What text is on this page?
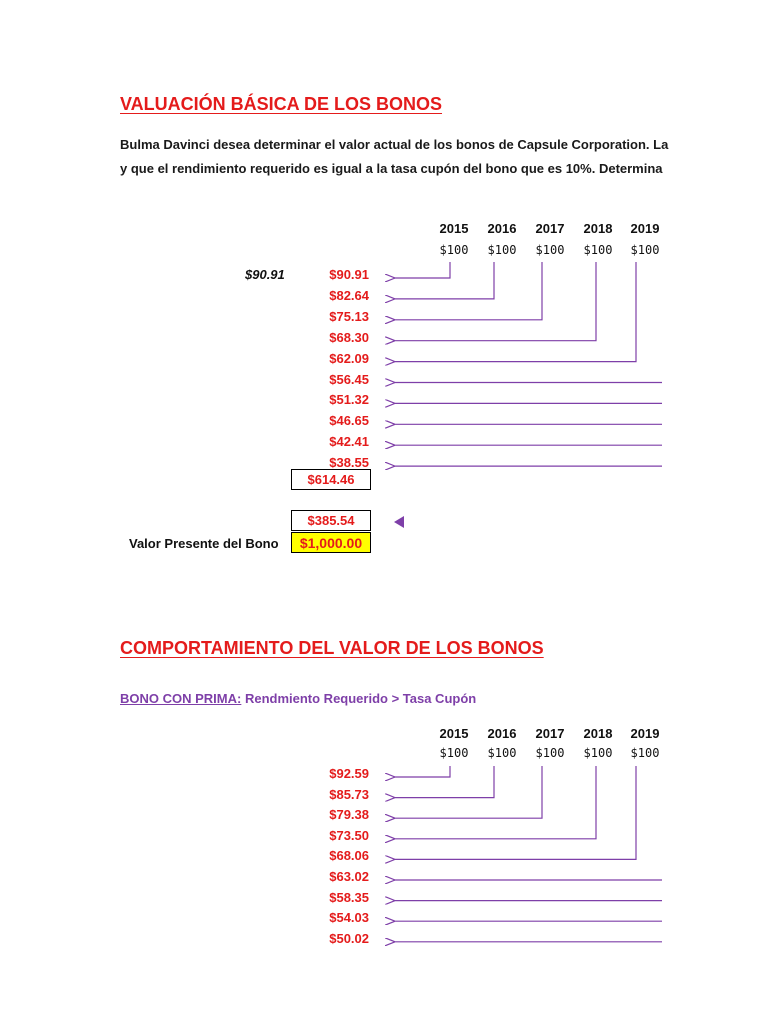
VALUACIÓN BÁSICA DE LOS BONOS
Bulma Davinci desea determinar el valor actual de los bonos de Capsule Corporation. La
y que el rendimiento requerido es igual a la tasa cupón del bono que es 10%. Determina
2015	2016	2017	2018	2019
$100	$100	$100	$100	$100
$90.91	$90.91
$82.64
$75.13
$68.30
$62.09
$56.45
$51.32
$46.65
$42.41
$38.55
$614.46
$385.54
Valor Presente del Bono $1,000.00
COMPORTAMIENTO DEL VALOR DE LOS BONOS
BONO CON PRIMA: Rendmiento Requerido > Tasa Cupón
2015	2016	2017	2018	2019
$100	$100	$100	$100	$100
$92.59
$85.73
$79.38
$73.50
$68.06
$63.02
$58.35
$54.03
$50.02
